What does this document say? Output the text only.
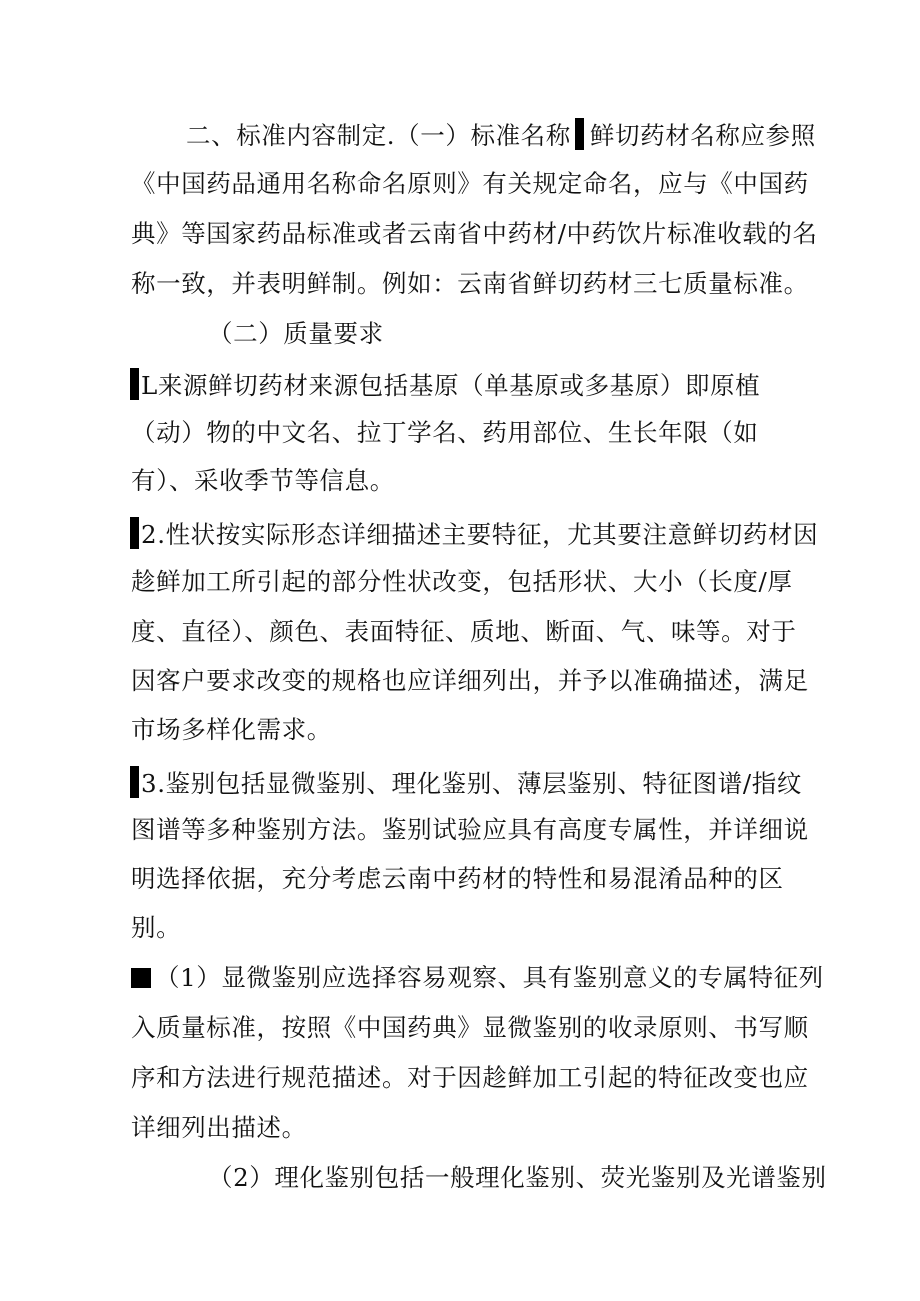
二、标准内容制定.（一）标准名称 鲜切药材名称应参照
《中国药品通用名称命名原则》有关规定命名，应与《中国药
典》等国家药品标准或者云南省中药材/中药饮片标准收载的名
称一致，并表明鲜制。例如：云南省鲜切药材三七质量标准。
（二）质量要求
L来源鲜切药材来源包括基原（单基原或多基原）即原植
（动）物的中文名、拉丁学名、药用部位、生长年限（如
有）、采收季节等信息。
2.性状按实际形态详细描述主要特征，尤其要注意鲜切药材因
趁鲜加工所引起的部分性状改变，包括形状、大小（长度/厚
度、直径）、颜色、表面特征、质地、断面、气、味等。对于
因客户要求改变的规格也应详细列出，并予以准确描述，满足
市场多样化需求。
3.鉴别包括显微鉴别、理化鉴别、薄层鉴别、特征图谱/指纹
图谱等多种鉴别方法。鉴别试验应具有高度专属性，并详细说
明选择依据，充分考虑云南中药材的特性和易混淆品种的区
别。
（1）显微鉴别应选择容易观察、具有鉴别意义的专属特征列
入质量标准，按照《中国药典》显微鉴别的收录原则、书写顺
序和方法进行规范描述。对于因趁鲜加工引起的特征改变也应
详细列出描述。
（2）理化鉴别包括一般理化鉴别、荧光鉴别及光谱鉴别
